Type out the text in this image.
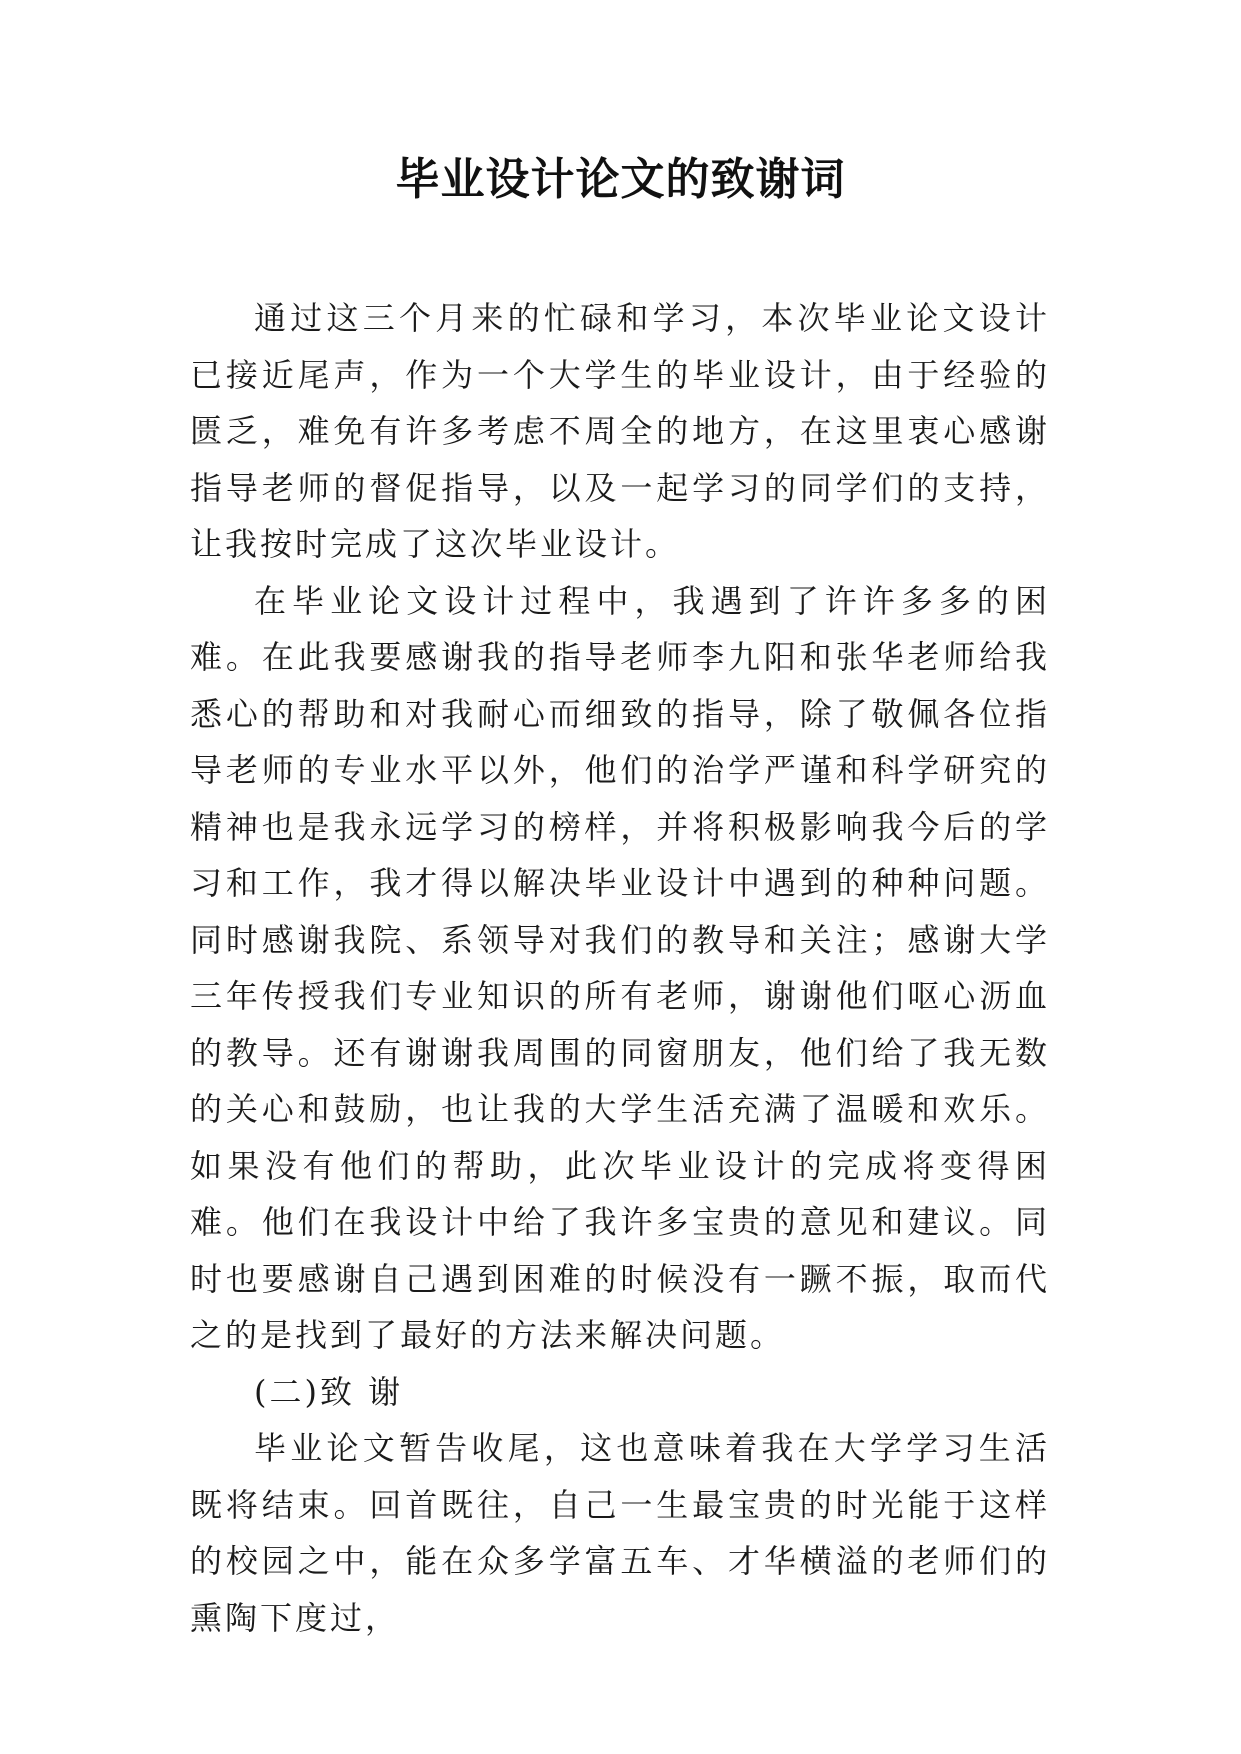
毕业设计论文的致谢词

通过这三个月来的忙碌和学习，本次毕业论文设计已接近尾声，作为一个大学生的毕业设计，由于经验的匮乏，难免有许多考虑不周全的地方，在这里衷心感谢指导老师的督促指导，以及一起学习的同学们的支持，让我按时完成了这次毕业设计。

在毕业论文设计过程中，我遇到了许许多多的困难。在此我要感谢我的指导老师李九阳和张华老师给我悉心的帮助和对我耐心而细致的指导，除了敬佩各位指导老师的专业水平以外，他们的治学严谨和科学研究的精神也是我永远学习的榜样，并将积极影响我今后的学习和工作，我才得以解决毕业设计中遇到的种种问题。同时感谢我院、系领导对我们的教导和关注；感谢大学三年传授我们专业知识的所有老师，谢谢他们呕心沥血的教导。还有谢谢我周围的同窗朋友，他们给了我无数的关心和鼓励，也让我的大学生活充满了温暖和欢乐。如果没有他们的帮助，此次毕业设计的完成将变得困难。他们在我设计中给了我许多宝贵的意见和建议。同时也要感谢自己遇到困难的时候没有一蹶不振，取而代之的是找到了最好的方法来解决问题。

(二)致 谢

毕业论文暂告收尾，这也意味着我在大学学习生活既将结束。回首既往，自己一生最宝贵的时光能于这样的校园之中，能在众多学富五车、才华横溢的老师们的熏陶下度过，
